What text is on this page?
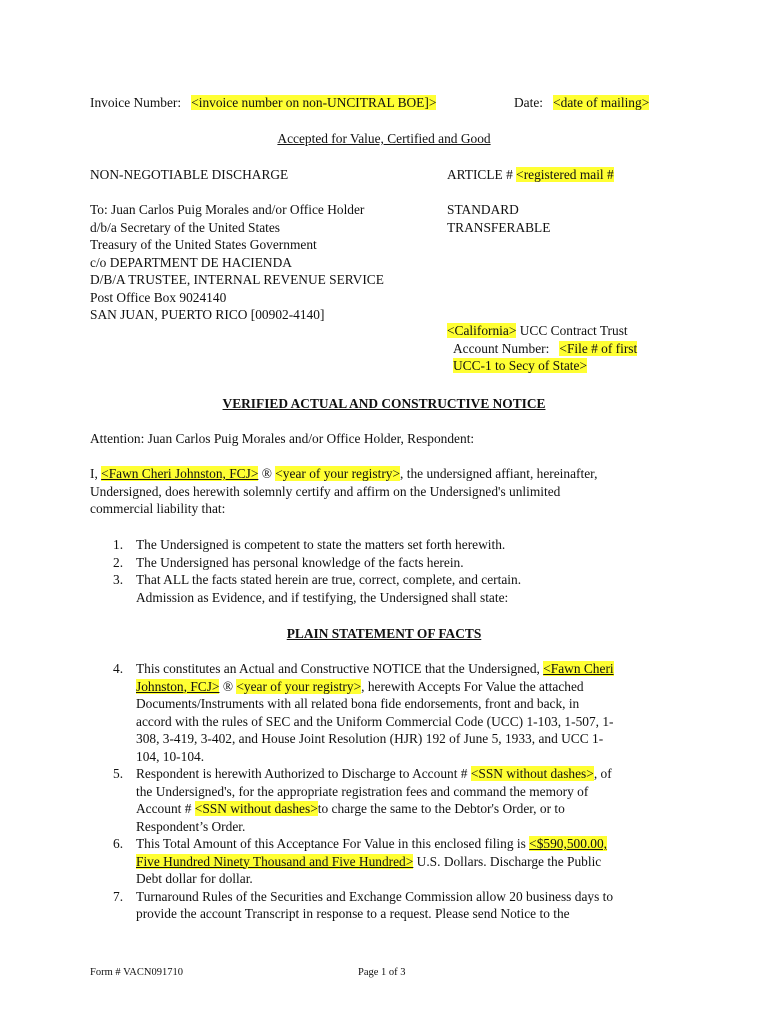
Invoice Number: <invoice number on non-UNCITRAL BOE]>	Date: <date of mailing>
Accepted for Value, Certified and Good
NON-NEGOTIABLE DISCHARGE	ARTICLE # <registered mail #
To: Juan Carlos Puig Morales and/or Office Holder
d/b/a Secretary of the United States
Treasury of the United States Government
c/o DEPARTMENT DE HACIENDA
D/B/A TRUSTEE, INTERNAL REVENUE SERVICE
Post Office Box 9024140
SAN JUAN, PUERTO RICO [00902-4140]
STANDARD
TRANSFERABLE
<California> UCC Contract Trust
Account Number: <File # of first
UCC-1 to Secy of State>
VERIFIED ACTUAL AND CONSTRUCTIVE NOTICE
Attention: Juan Carlos Puig Morales and/or Office Holder, Respondent:
I, <Fawn Cheri Johnston, FCJ> ® <year of your registry>, the undersigned affiant, hereinafter,
Undersigned, does herewith solemnly certify and affirm on the Undersigned's unlimited
commercial liability that:
1. The Undersigned is competent to state the matters set forth herewith.
2. The Undersigned has personal knowledge of the facts herein.
3. That ALL the facts stated herein are true, correct, complete, and certain.
Admission as Evidence, and if testifying, the Undersigned shall state:
PLAIN STATEMENT OF FACTS
4. This constitutes an Actual and Constructive NOTICE that the Undersigned, <Fawn Cheri
Johnston, FCJ> ® <year of your registry>, herewith Accepts For Value the attached
Documents/Instruments with all related bona fide endorsements, front and back, in
accord with the rules of SEC and the Uniform Commercial Code (UCC) 1-103, 1-507, 1-
308, 3-419, 3-402, and House Joint Resolution (HJR) 192 of June 5, 1933, and UCC 1-
104, 10-104.
5. Respondent is herewith Authorized to Discharge to Account # <SSN without dashes>, of
the Undersigned's, for the appropriate registration fees and command the memory of
Account # <SSN without dashes>to charge the same to the Debtor's Order, or to
Respondent’s Order.
6. This Total Amount of this Acceptance For Value in this enclosed filing is <$590,500.00,
Five Hundred Ninety Thousand and Five Hundred> U.S. Dollars. Discharge the Public
Debt dollar for dollar.
7. Turnaround Rules of the Securities and Exchange Commission allow 20 business days to
provide the account Transcript in response to a request. Please send Notice to the
Form # VACN091710	Page 1 of 3
